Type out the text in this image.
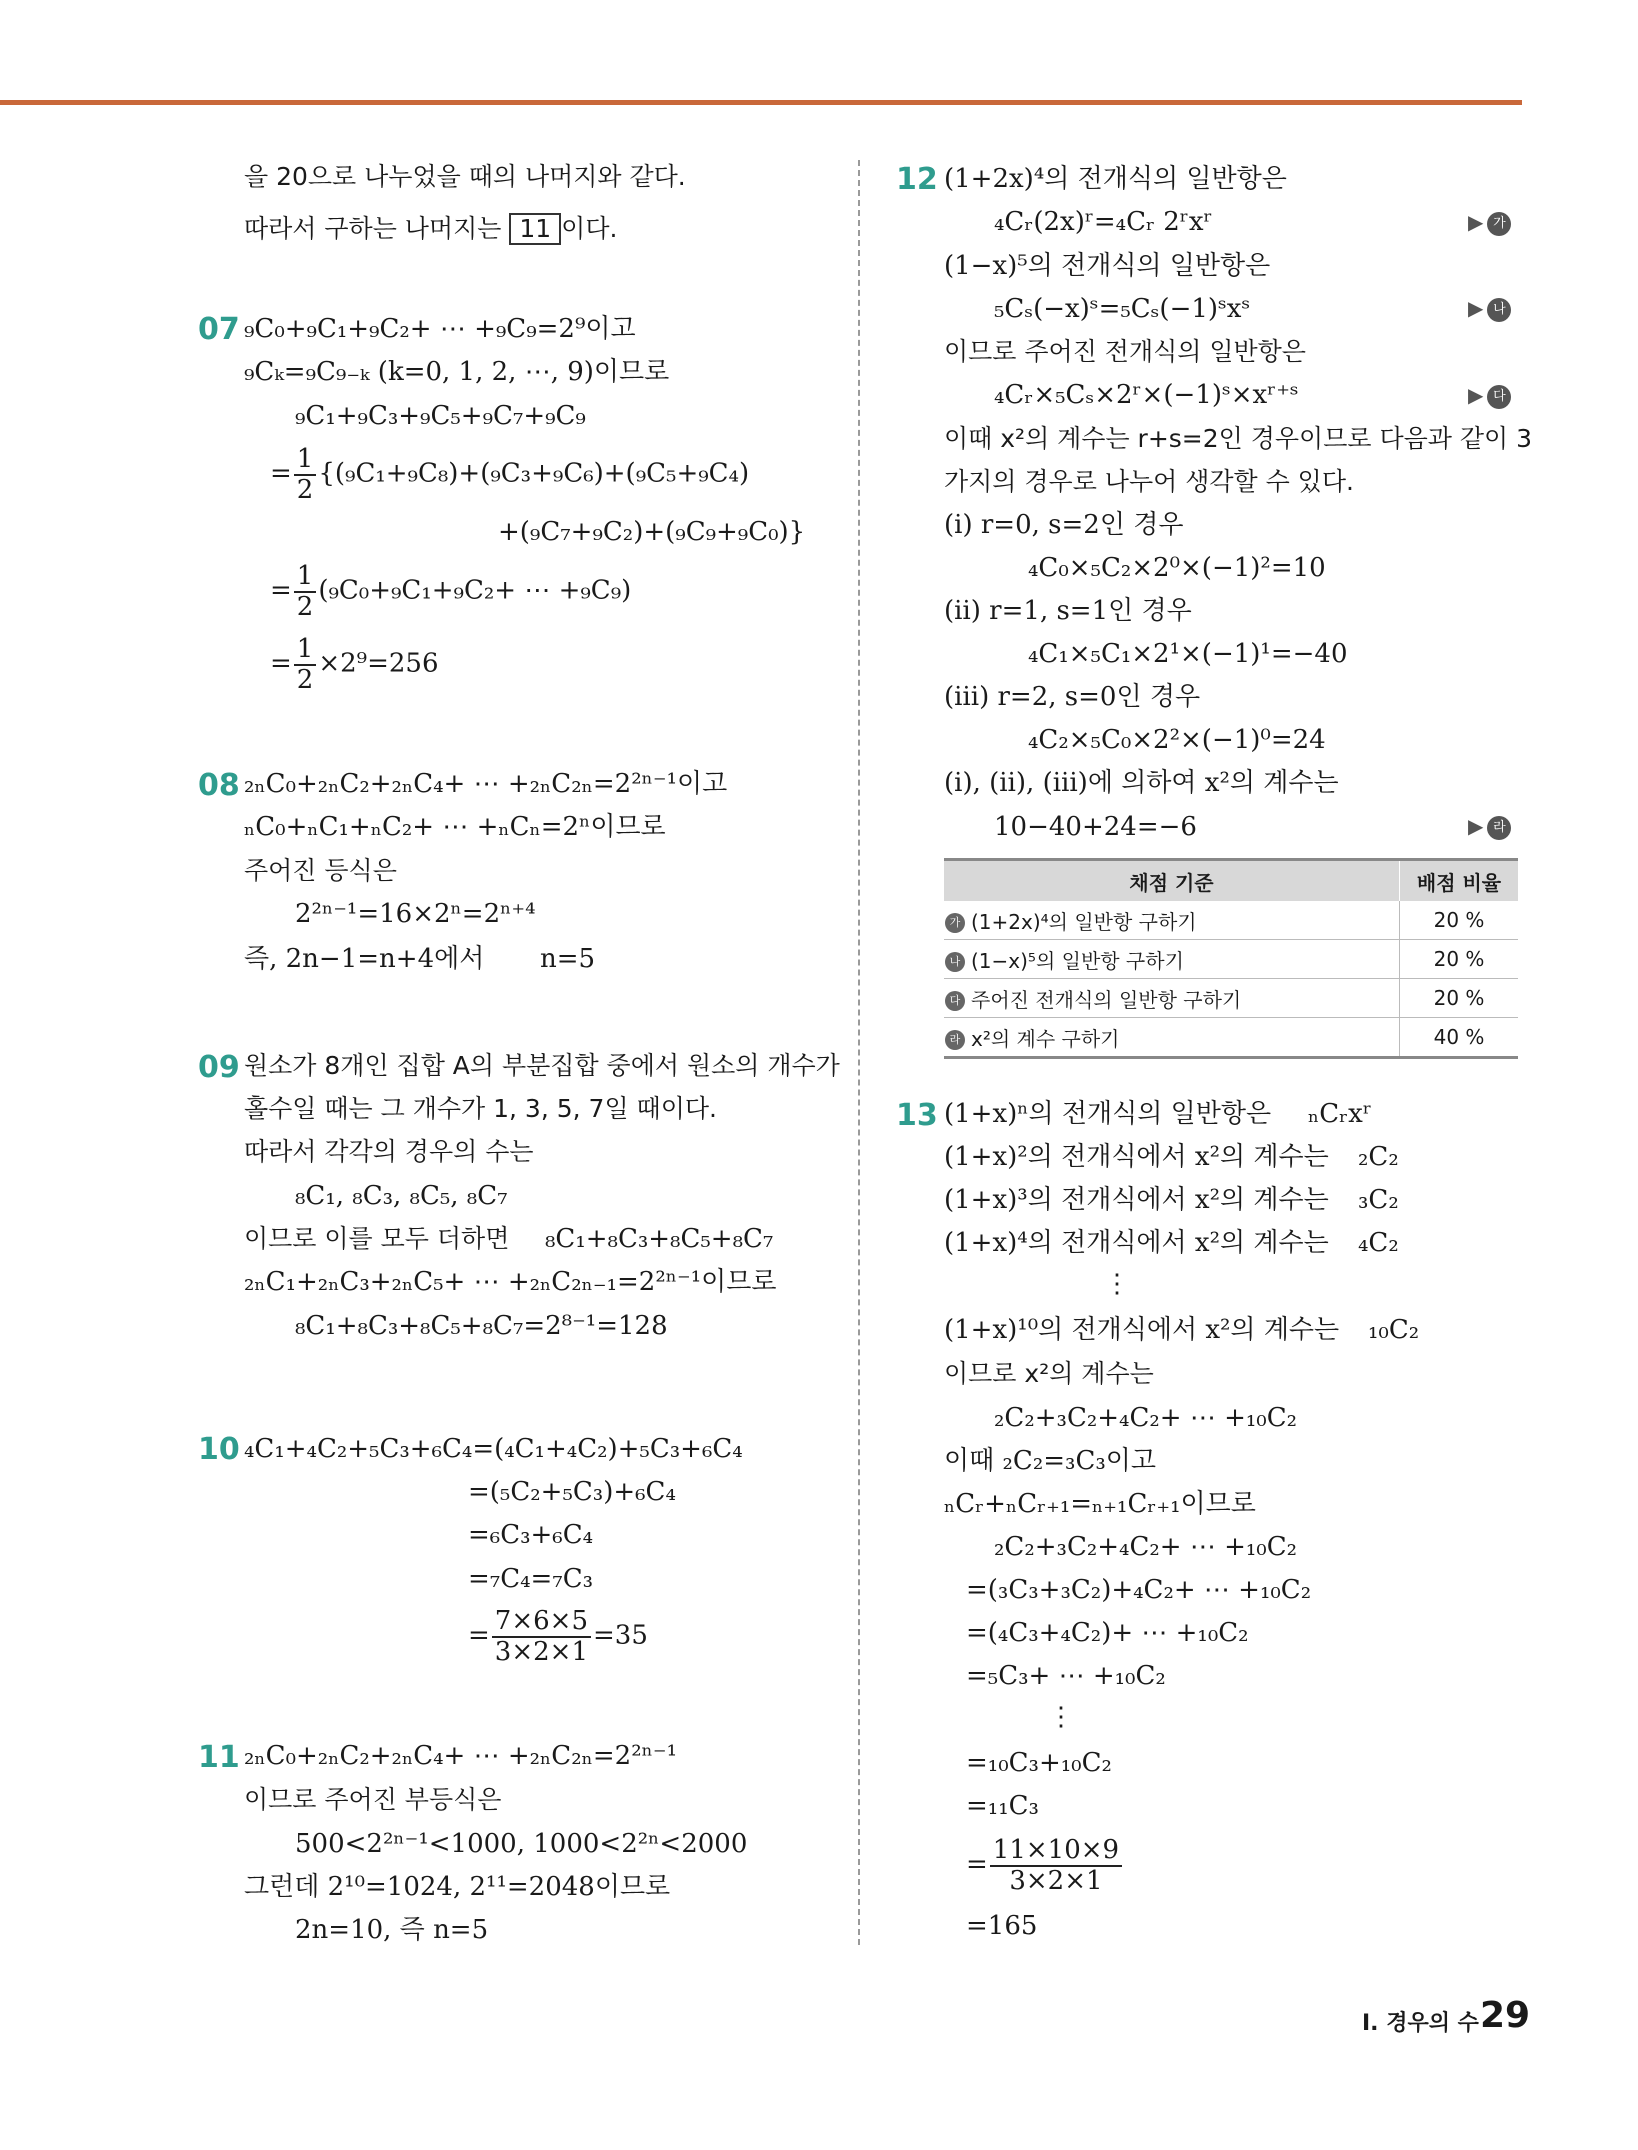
을 20으로 나누었을 때의 나머지와 같다.
따라서 구하는 나머지는 11 이다.
07 ₉C₀+₉C₁+₉C₂+ ⋯ +₉C₉=2⁹이고
₉Cₖ=₉C₉₋ₖ (k=0, 1, 2, ⋯, 9)이므로
₉C₁+₉C₃+₉C₅+₉C₇+₉C₉
= $\frac{1}{2} \{(_9C_1+_9C_8)+(_9C_3+_9C_6)+(_9C_5+_9C_4)$
+(₉C₇+₉C₂)+(₉C₉+₉C₀)}
= $\frac{1}{2} (_9C_0+_9C_1+_9C_2+$ ⋯ +₉C₉)
= $\frac{1}{2} \times 2^9=256$
08 ₂ₙC₀+₂ₙC₂+₂ₙC₄+ ⋯ +₂ₙC₂ₙ=2²ⁿ⁻¹이고
ₙC₀+ₙC₁+ₙC₂+ ⋯ +ₙCₙ=2ⁿ이므로
주어진 등식은
2²ⁿ⁻¹=16×2ⁿ=2ⁿ⁺⁴
즉, 2n−1=n+4에서 n=5
09 원소가 8개인 집합 A의 부분집합 중에서 원소의 개수가
홀수일 때는 그 개수가 1, 3, 5, 7일 때이다.
따라서 각각의 경우의 수는
₈C₁, ₈C₃, ₈C₅, ₈C₇
이므로 이를 모두 더하면 ₈C₁+₈C₃+₈C₅+₈C₇
₂ₙC₁+₂ₙC₃+₂ₙC₅+ ⋯ +₂ₙC₂ₙ₋₁=2²ⁿ⁻¹이므로
₈C₁+₈C₃+₈C₅+₈C₇=2⁸⁻¹=128
10 ₄C₁+₄C₂+₅C₃+₆C₄=(₄C₁+₄C₂)+₅C₃+₆C₄
=(₅C₂+₅C₃)+₆C₄
=₆C₃+₆C₄
=₇C₄=₇C₃
= $\frac{7\times 6\times 5}{3\times 2\times 1} =35$
11 ₂ₙC₀+₂ₙC₂+₂ₙC₄+ ⋯ +₂ₙC₂ₙ=2²ⁿ⁻¹
이므로 주어진 부등식은
500<2²ⁿ⁻¹<1000, 1000<2²ⁿ<2000
그런데 2¹⁰=1024, 2¹¹=2048이므로
2n=10, 즉 n=5
12 (1+2x)⁴의 전개식의 일반항은
₄Cᵣ(2x)ʳ=₄Cᵣ 2ʳxʳ	▶ 가
(1−x)⁵의 전개식의 일반항은
₅Cₛ(−x)ˢ=₅Cₛ(−1)ˢxˢ	▶ 나
이므로 주어진 전개식의 일반항은
₄Cᵣ×₅Cₛ×2ʳ×(−1)ˢ×xʳ⁺ˢ	▶ 다
이때 x²의 계수는 r+s=2인 경우이므로 다음과 같이 3
가지의 경우로 나누어 생각할 수 있다.
(ⅰ) r=0, s=2인 경우
₄C₀×₅C₂×2⁰×(−1)²=10
(ⅱ) r=1, s=1인 경우
₄C₁×₅C₁×2¹×(−1)¹=−40
(ⅲ) r=2, s=0인 경우
₄C₂×₅C₀×2²×(−1)⁰=24
(ⅰ), (ⅱ), (ⅲ)에 의하여 x²의 계수는
10−40+24=−6	▶ 라
채점 기준	배점 비율
가 (1+2x)⁴의 일반항 구하기	20 %
나 (1−x)⁵의 일반항 구하기	20 %
다 주어진 전개식의 일반항 구하기	20 %
라 x²의 계수 구하기	40 %
13 (1+x)ⁿ의 전개식의 일반항은 ₙCᵣxʳ
(1+x)²의 전개식에서 x²의 계수는 ₂C₂
(1+x)³의 전개식에서 x²의 계수는 ₃C₂
(1+x)⁴의 전개식에서 x²의 계수는 ₄C₂
⋮
(1+x)¹⁰의 전개식에서 x²의 계수는 ₁₀C₂
이므로 x²의 계수는
₂C₂+₃C₂+₄C₂+ ⋯ +₁₀C₂
이때 ₂C₂=₃C₃이고
ₙCᵣ+ₙCᵣ₊₁=ₙ₊₁Cᵣ₊₁이므로
₂C₂+₃C₂+₄C₂+ ⋯ +₁₀C₂
=(₃C₃+₃C₂)+₄C₂+ ⋯ +₁₀C₂
=(₄C₃+₄C₂)+ ⋯ +₁₀C₂
=₅C₃+ ⋯ +₁₀C₂
⋮
=₁₀C₃+₁₀C₂
=₁₁C₃
= $\frac{11\times 10\times 9}{3\times 2\times 1}$
=165
Ⅰ. 경우의 수 29
